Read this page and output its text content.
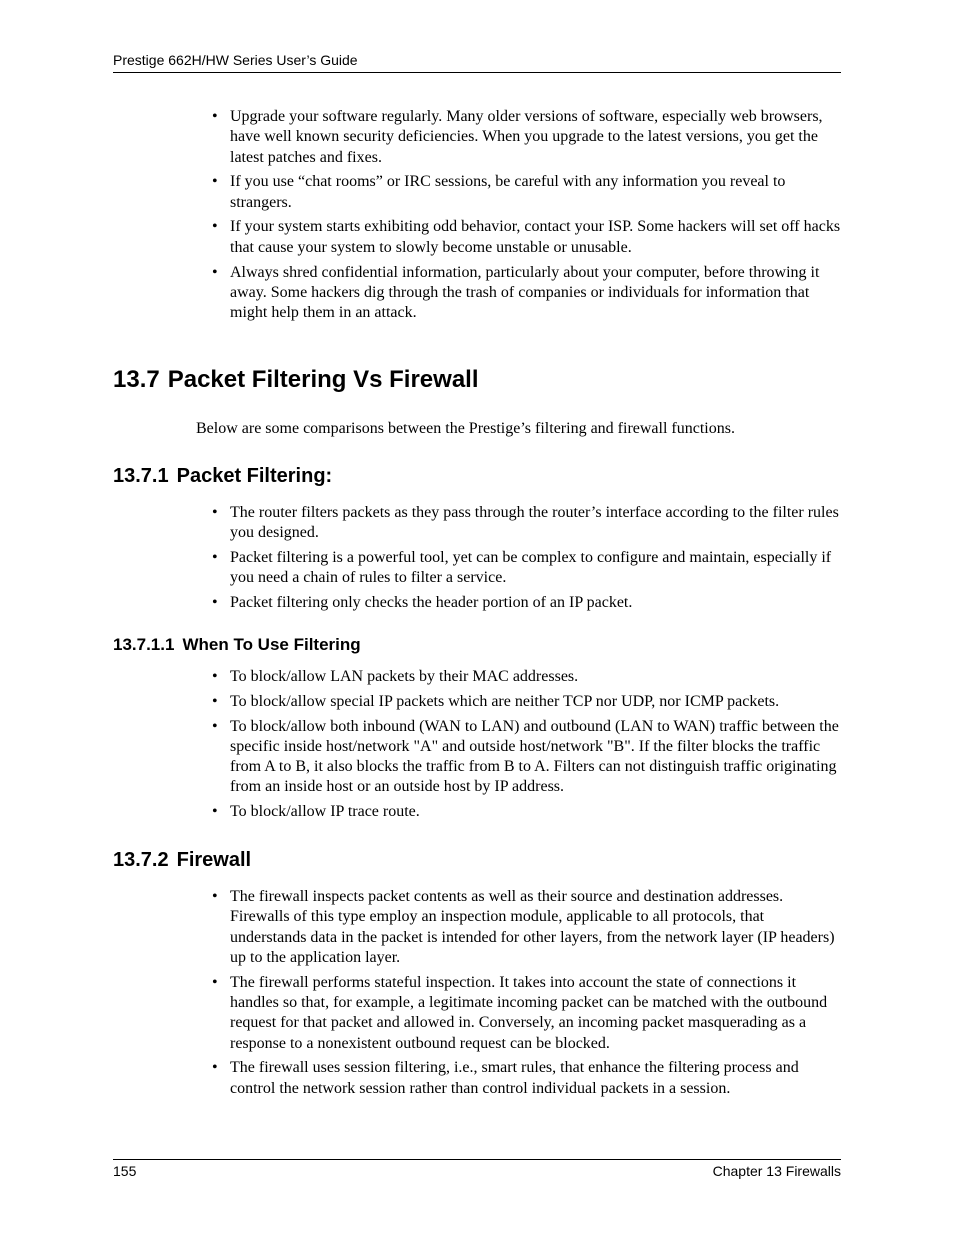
Prestige 662H/HW Series User’s Guide
• Upgrade your software regularly. Many older versions of software, especially web browsers, have well known security deficiencies. When you upgrade to the latest versions, you get the latest patches and fixes.
• If you use “chat rooms” or IRC sessions, be careful with any information you reveal to strangers.
• If your system starts exhibiting odd behavior, contact your ISP. Some hackers will set off hacks that cause your system to slowly become unstable or unusable.
• Always shred confidential information, particularly about your computer, before throwing it away. Some hackers dig through the trash of companies or individuals for information that might help them in an attack.
13.7 Packet Filtering Vs Firewall

Below are some comparisons between the Prestige’s filtering and firewall functions.

13.7.1 Packet Filtering:
• The router filters packets as they pass through the router’s interface according to the filter rules you designed.
• Packet filtering is a powerful tool, yet can be complex to configure and maintain, especially if you need a chain of rules to filter a service.
• Packet filtering only checks the header portion of an IP packet.
13.7.1.1 When To Use Filtering
• To block/allow LAN packets by their MAC addresses.
• To block/allow special IP packets which are neither TCP nor UDP, nor ICMP packets.
• To block/allow both inbound (WAN to LAN) and outbound (LAN to WAN) traffic between the specific inside host/network "A" and outside host/network "B". If the filter blocks the traffic from A to B, it also blocks the traffic from B to A. Filters can not distinguish traffic originating from an inside host or an outside host by IP address.
• To block/allow IP trace route.
13.7.2 Firewall
• The firewall inspects packet contents as well as their source and destination addresses. Firewalls of this type employ an inspection module, applicable to all protocols, that understands data in the packet is intended for other layers, from the network layer (IP headers) up to the application layer.
• The firewall performs stateful inspection. It takes into account the state of connections it handles so that, for example, a legitimate incoming packet can be matched with the outbound request for that packet and allowed in. Conversely, an incoming packet masquerading as a response to a nonexistent outbound request can be blocked.
• The firewall uses session filtering, i.e., smart rules, that enhance the filtering process and control the network session rather than control individual packets in a session.
155	Chapter 13 Firewalls
